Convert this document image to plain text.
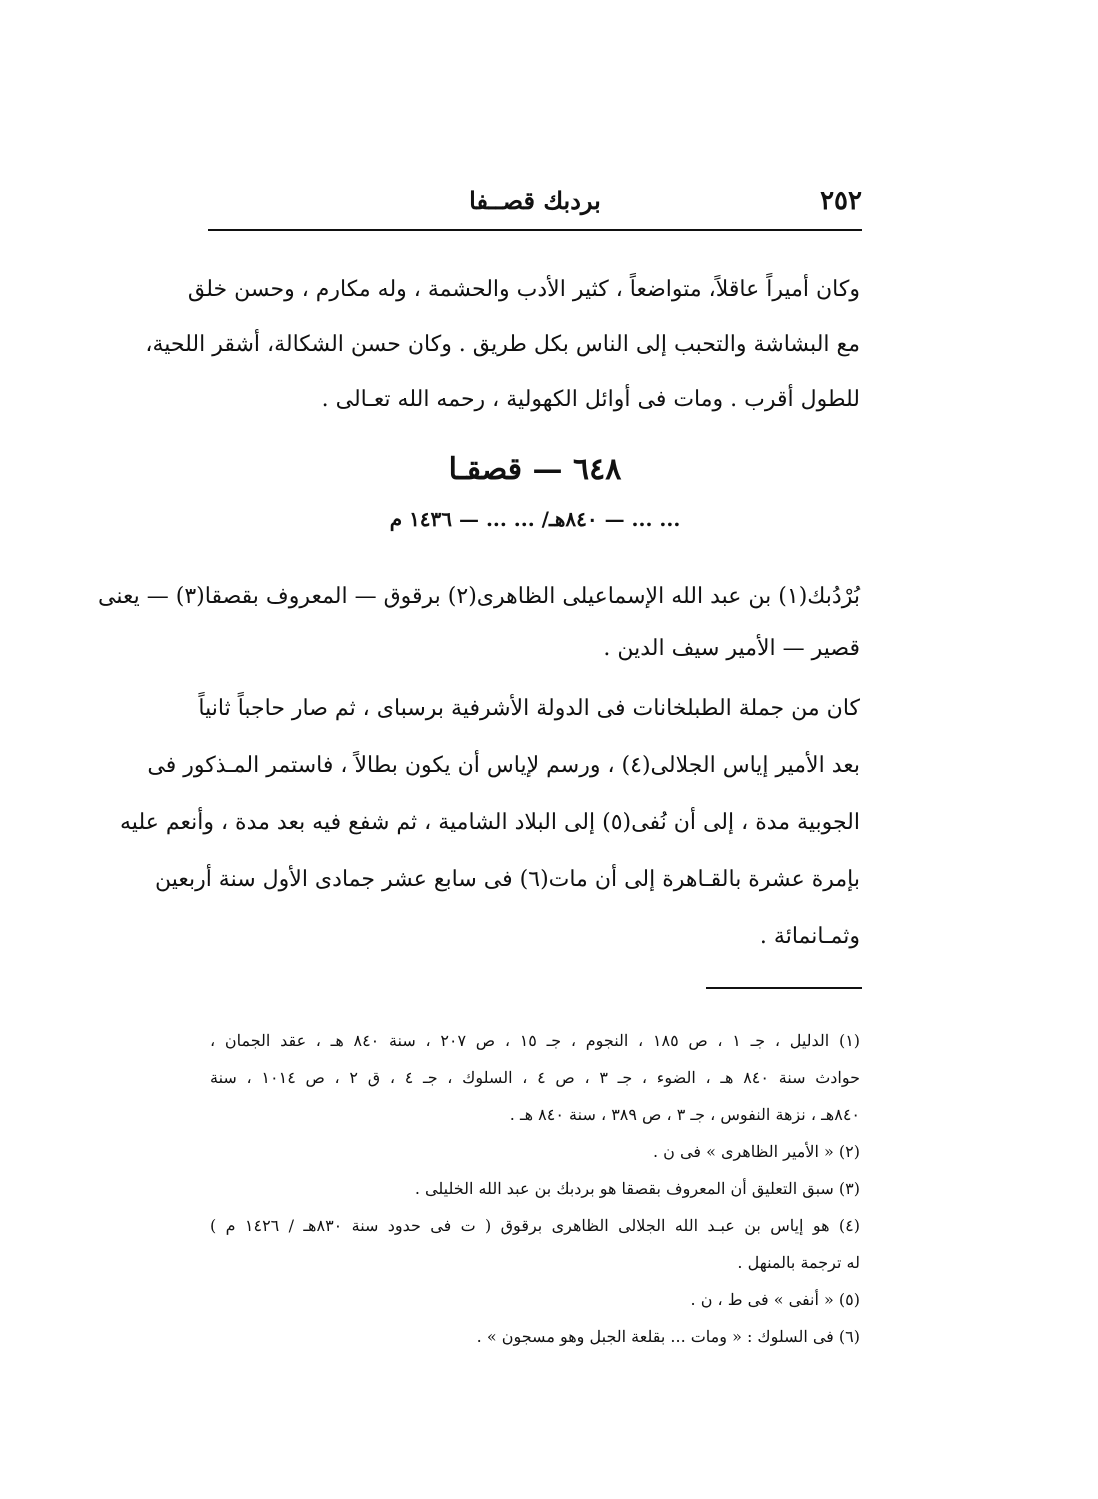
٢٥٢
بردبك قصــفا
وكان أميراً عاقلاً، متواضعاً ، كثير الأدب والحشمة ، وله مكارم ، وحسن خلق
مع البشاشة والتحبب إلى الناس بكل طريق . وكان حسن الشكالة، أشقر اللحية،
للطول أقرب . ومات فى أوائل الكهولية ، رحمه الله تعـالى .
٦٤٨ — قصقـا
... ... — ٨٤٠هـ/ ... ... — ١٤٣٦ م
بُرْدُبك(١) بن عبد الله الإسماعيلى الظاهرى(٢) برقوق — المعروف بقصقا(٣) — يعنى
قصير — الأمير سيف الدين .
كان من جملة الطبلخانات فى الدولة الأشرفية برسباى ، ثم صار حاجباً ثانياً
بعد الأمير إياس الجلالى(٤) ، ورسم لإياس أن يكون بطالاً ، فاستمر المـذكور فى
الجوبية مدة ، إلى أن نُفى(٥) إلى البلاد الشامية ، ثم شفع فيه بعد مدة ، وأنعم عليه
بإمرة عشرة بالقـاهرة إلى أن مات(٦) فى سابع عشر جمادى الأول سنة أربعين
وثمـانمائة .
(١) الدليل ، جـ ١ ، ص ١٨٥ ، النجوم ، جـ ١٥ ، ص ٢٠٧ ، سنة ٨٤٠ هـ ، عقد الجمان ،
حوادث سنة ٨٤٠ هـ ، الضوء ، جـ ٣ ، ص ٤ ، السلوك ، جـ ٤ ، ق ٢ ، ص ١٠١٤ ، سنة
٨٤٠هـ ، نزهة النفوس ، جـ ٣ ، ص ٣٨٩ ، سنة ٨٤٠ هـ .
(٢) « الأمير الظاهرى » فى ن .
(٣) سبق التعليق أن المعروف بقصقا هو بردبك بن عبد الله الخليلى .
(٤) هو إياس بن عبـد الله الجلالى الظاهرى برقوق ( ت فى حدود سنة ٨٣٠هـ / ١٤٢٦ م )
له ترجمة بالمنهل .
(٥) « أنفى » فى ط ، ن .
(٦) فى السلوك : « ومات ... بقلعة الجبل وهو مسجون » .
